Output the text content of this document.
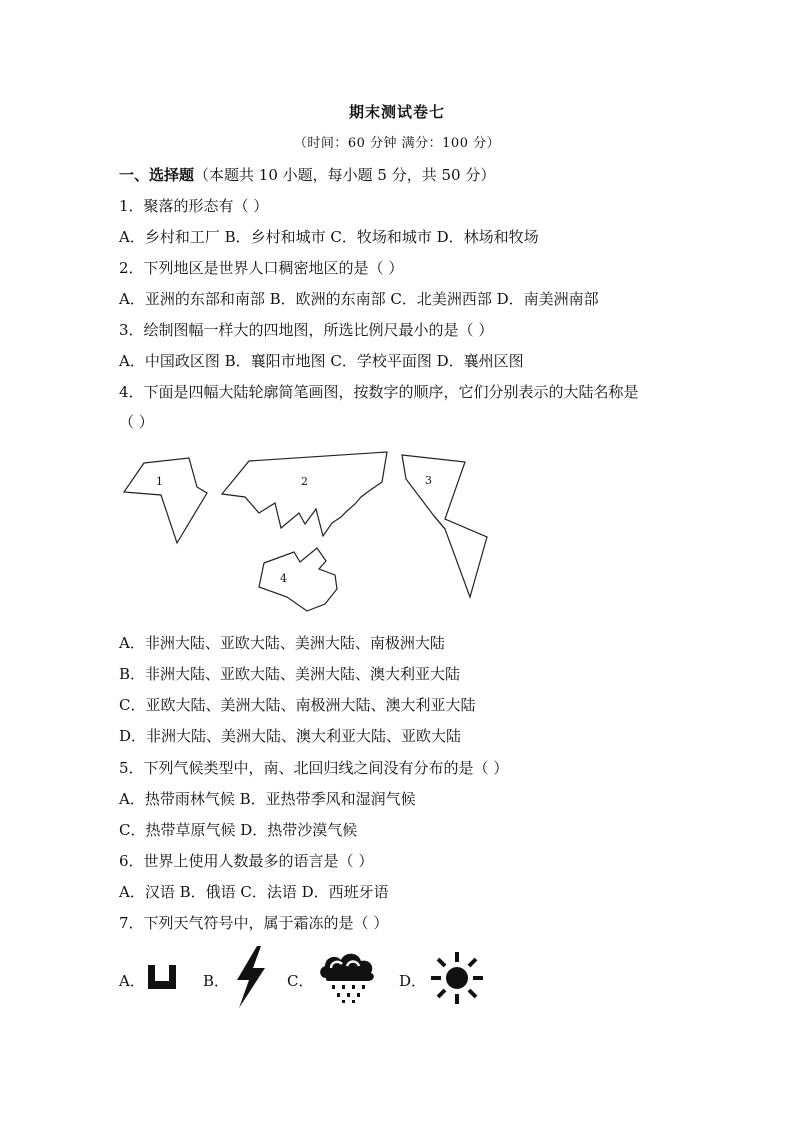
期末测试卷七
（时间：60 分钟 满分：100 分）
一、选择题（本题共 10 小题，每小题 5 分，共 50 分）
1．聚落的形态有（ ）
A．乡村和工厂 B．乡村和城市 C．牧场和城市 D．林场和牧场
2．下列地区是世界人口稠密地区的是（ ）
A．亚洲的东部和南部 B．欧洲的东南部 C．北美洲西部 D．南美洲南部
3．绘制图幅一样大的四地图，所选比例尺最小的是（ ）
A．中国政区图 B．襄阳市地图 C．学校平面图 D．襄州区图
4．下面是四幅大陆轮廓简笔画图，按数字的顺序，它们分别表示的大陆名称是
（ ）
1	2	3
4
A．非洲大陆、亚欧大陆、美洲大陆、南极洲大陆
B．非洲大陆、亚欧大陆、美洲大陆、澳大利亚大陆
C．亚欧大陆、美洲大陆、南极洲大陆、澳大利亚大陆
D．非洲大陆、美洲大陆、澳大利亚大陆、亚欧大陆
5．下列气候类型中，南、北回归线之间没有分布的是（ ）
A．热带雨林气候 B．亚热带季风和湿润气候
C．热带草原气候 D．热带沙漠气候
6．世界上使用人数最多的语言是（ ）
A．汉语 B．俄语 C．法语 D．西班牙语
7．下列天气符号中，属于霜冻的是（ ）
A．	B．	C．	D．
